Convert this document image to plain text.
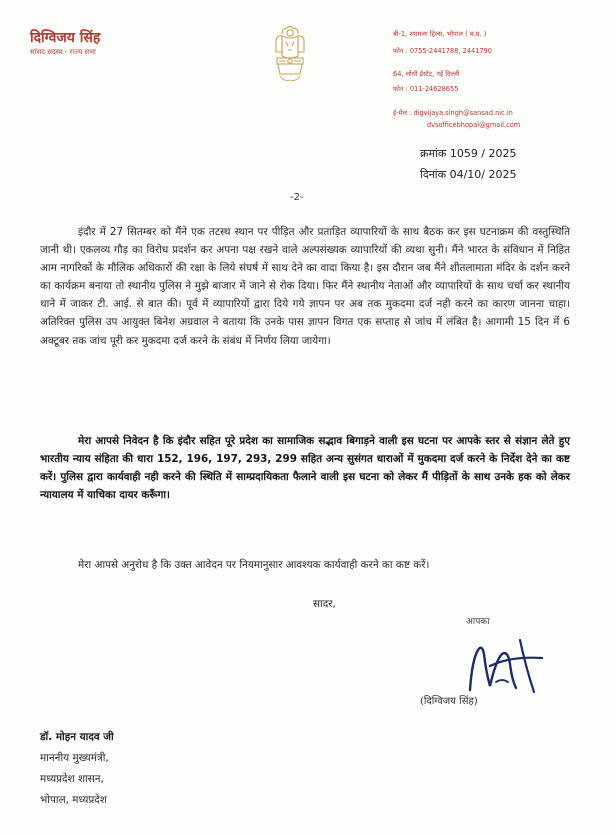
दिग्विजय सिंह
सांसद सदस्य - राज्य सभा
बी-1, श्यामला हिल्स, भोपाल ( म.प्र. )
फोन : 0755-2441788, 2441790
64, लोधी ईस्टेट, नई दिल्ली
फोन : 011-24628655
ई-मेल : digvijaya.singh@sansad.nic.in
dvsofficebhopal@gmail.com
क्रमांक 1059 / 2025
दिनांक 04/10/ 2025
-2-

इंदौर में 27 सितम्बर को मैंने एक तटस्थ स्थान पर पीड़ित और प्रताड़ित व्यापारियों के साथ बैठक कर इस घटनाक्रम की वस्तुस्थिति जानी थी। एकलव्य गौड़ का विरोध प्रदर्शन कर अपना पक्ष रखने वाले अल्पसंख्यक व्यापारियों की व्यथा सुनी। मैंने भारत के संविधान में निहित आम नागरिकों के मौलिक अधिकारों की रक्षा के लिये संघर्ष में साथ देने का वादा किया है। इस दौरान जब मैंने शीतलामाता मंदिर के दर्शन करने का कार्यक्रम बनाया तो स्थानीय पुलिस ने मुझे बाजार में जाने से रोक दिया। फिर मैंने स्थानीय नेताओं और व्यापारियों के साथ चर्चा कर स्थानीय थाने में जाकर टी. आई. से बात की। पूर्व में व्यापारियों द्वारा दिये गये ज्ञापन पर अब तक मुकदमा दर्ज नही करने का कारण जानना चाहा। अतिरिक्त पुलिस उप आयुक्त बिनेश अग्रवाल ने बताया कि उनके पास ज्ञापन विगत एक सप्ताह से जांच में लंबित है। आगामी 15 दिन में 6 अक्टूबर तक जांच पूरी कर मुकदमा दर्ज करने के संबंध में निर्णय लिया जायेगा।

मेरा आपसे निवेदन है कि इंदौर सहित पूरे प्रदेश का सामाजिक सद्भाव बिगाड़ने वाली इस घटना पर आपके स्तर से संज्ञान लेते हुए भारतीय न्याय संहिता की धारा 152, 196, 197, 293, 299 सहित अन्य सुसंगत धाराओं में मुकदमा दर्ज करने के निर्देश देने का कष्ट करें। पुलिस द्वारा कार्यवाही नही करने की स्थिति में साम्प्रदायिकता फैलाने वाली इस घटना को लेकर मैं पीड़ितों के साथ उनके हक को लेकर न्यायालय में याचिका दायर करूँगा।

मेरा आपसे अनुरोध है कि उक्त आवेदन पर नियमानुसार आवश्यक कार्यवाही करने का कष्ट करें।

सादर,
आपका
(दिग्विजय सिंह)
डॉ. मोहन यादव जी
माननीय मुख्यमंत्री,
मध्यप्रदेश शासन,
भोपाल, मध्यप्रदेश
